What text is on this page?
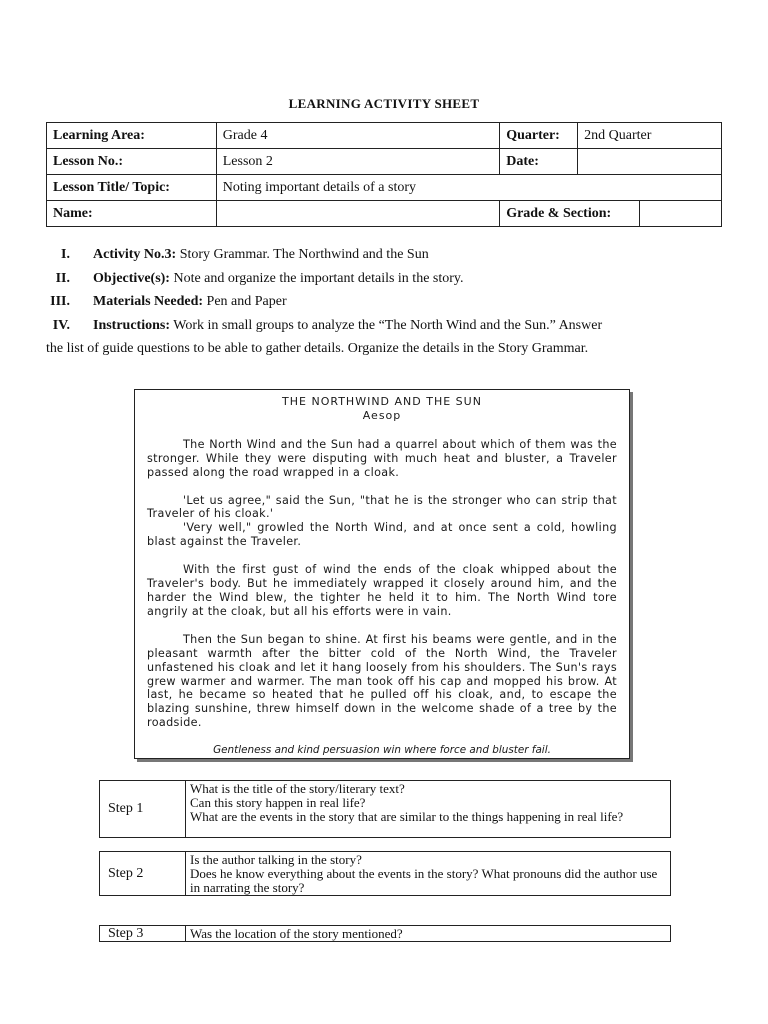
LEARNING ACTIVITY SHEET
Learning Area:	Grade 4	Quarter:	2nd Quarter	
Lesson No.:	Lesson 2	Date:		
Lesson Title/ Topic:	Noting important details of a story			
Name:		Grade & Section:		
I. Activity No.3: Story Grammar. The Northwind and the Sun
II. Objective(s): Note and organize the important details in the story.
III. Materials Needed: Pen and Paper
IV. Instructions: Work in small groups to analyze the “The North Wind and the Sun.” Answer
the list of guide questions to be able to gather details. Organize the details in the Story Grammar.
THE NORTHWIND AND THE SUN
Aesop

The North Wind and the Sun had a quarrel about which of them was the stronger. While they were disputing with much heat and bluster, a Traveler passed along the road wrapped in a cloak.

'Let us agree," said the Sun, "that he is the stronger who can strip that Traveler of his cloak.'

'Very well," growled the North Wind, and at once sent a cold, howling blast against the Traveler.

With the first gust of wind the ends of the cloak whipped about the Traveler's body. But he immediately wrapped it closely around him, and the harder the Wind blew, the tighter he held it to him. The North Wind tore angrily at the cloak, but all his efforts were in vain.

Then the Sun began to shine. At first his beams were gentle, and in the pleasant warmth after the bitter cold of the North Wind, the Traveler unfastened his cloak and let it hang loosely from his shoulders. The Sun's rays grew warmer and warmer. The man took off his cap and mopped his brow. At last, he became so heated that he pulled off his cloak, and, to escape the blazing sunshine, threw himself down in the welcome shade of a tree by the roadside.

Gentleness and kind persuasion win where force and bluster fail.
Step 1
What is the title of the story/literary text?
Can this story happen in real life?
What are the events in the story that are similar to the things happening in real life?
Step 2
Is the author talking in the story?
Does he know everything about the events in the story? What pronouns did the author use in narrating the story?
Step 3	Was the location of the story mentioned?
